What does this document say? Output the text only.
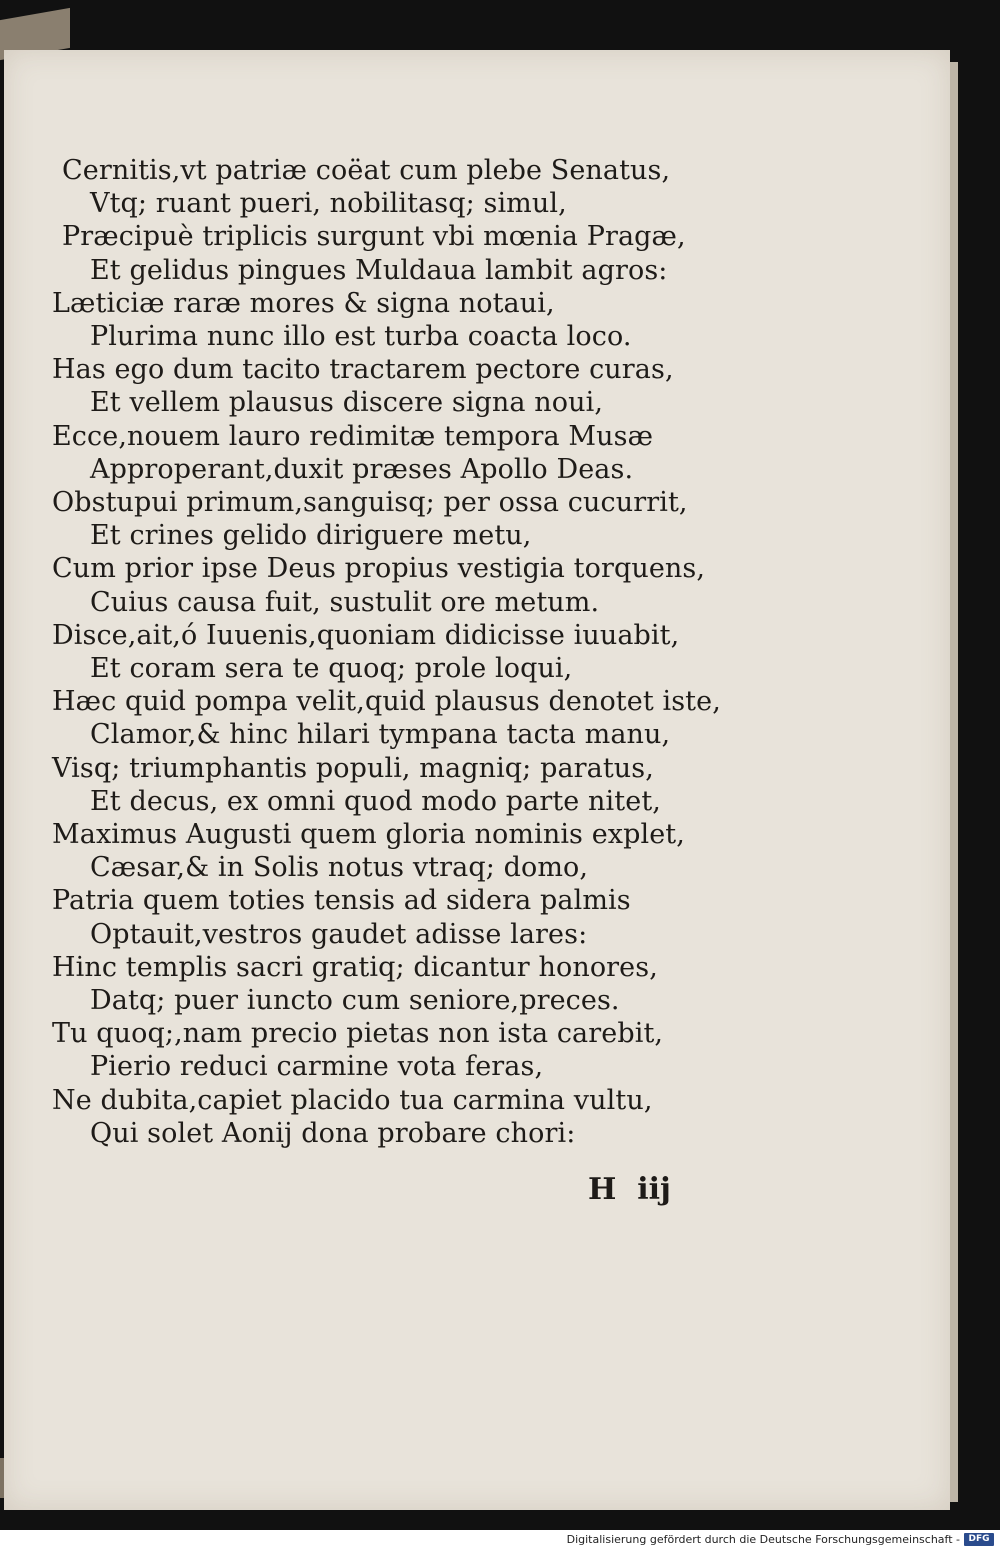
Cernitis,vt patriæ coëat cum plebe Senatus,
Vtq; ruant pueri, nobilitasq; simul,
Præcipuè triplicis surgunt vbi mœnia Pragæ,
Et gelidus pingues Muldaua lambit agros:
Læticiæ raræ mores & signa notaui,
Plurima nunc illo est turba coacta loco.
Has ego dum tacito tractarem pectore curas,
Et vellem plausus discere signa noui,
Ecce,nouem lauro redimitæ tempora Musæ
Approperant,duxit præses Apollo Deas.
Obstupui primum,sanguisq; per ossa cucurrit,
Et crines gelido diriguere metu,
Cum prior ipse Deus propius vestigia torquens,
Cuius causa fuit, sustulit ore metum.
Disce,ait,ó Iuuenis,quoniam didicisse iuuabit,
Et coram sera te quoq; prole loqui,
Hæc quid pompa velit,quid plausus denotet iste,
Clamor,& hinc hilari tympana tacta manu,
Visq; triumphantis populi, magniq; paratus,
Et decus, ex omni quod modo parte nitet,
Maximus Augusti quem gloria nominis explet,
Cæsar,& in Solis notus vtraq; domo,
Patria quem toties tensis ad sidera palmis
Optauit,vestros gaudet adisse lares:
Hinc templis sacri gratiq; dicantur honores,
Datq; puer iuncto cum seniore,preces.
Tu quoq;,nam precio pietas non ista carebit,
Pierio reduci carmine vota feras,
Ne dubita,capiet placido tua carmina vultu,
Qui solet Aonij dona probare chori:
H  iij
Digitalisierung gefördert durch die Deutsche Forschungsgemeinschaft - DFG
